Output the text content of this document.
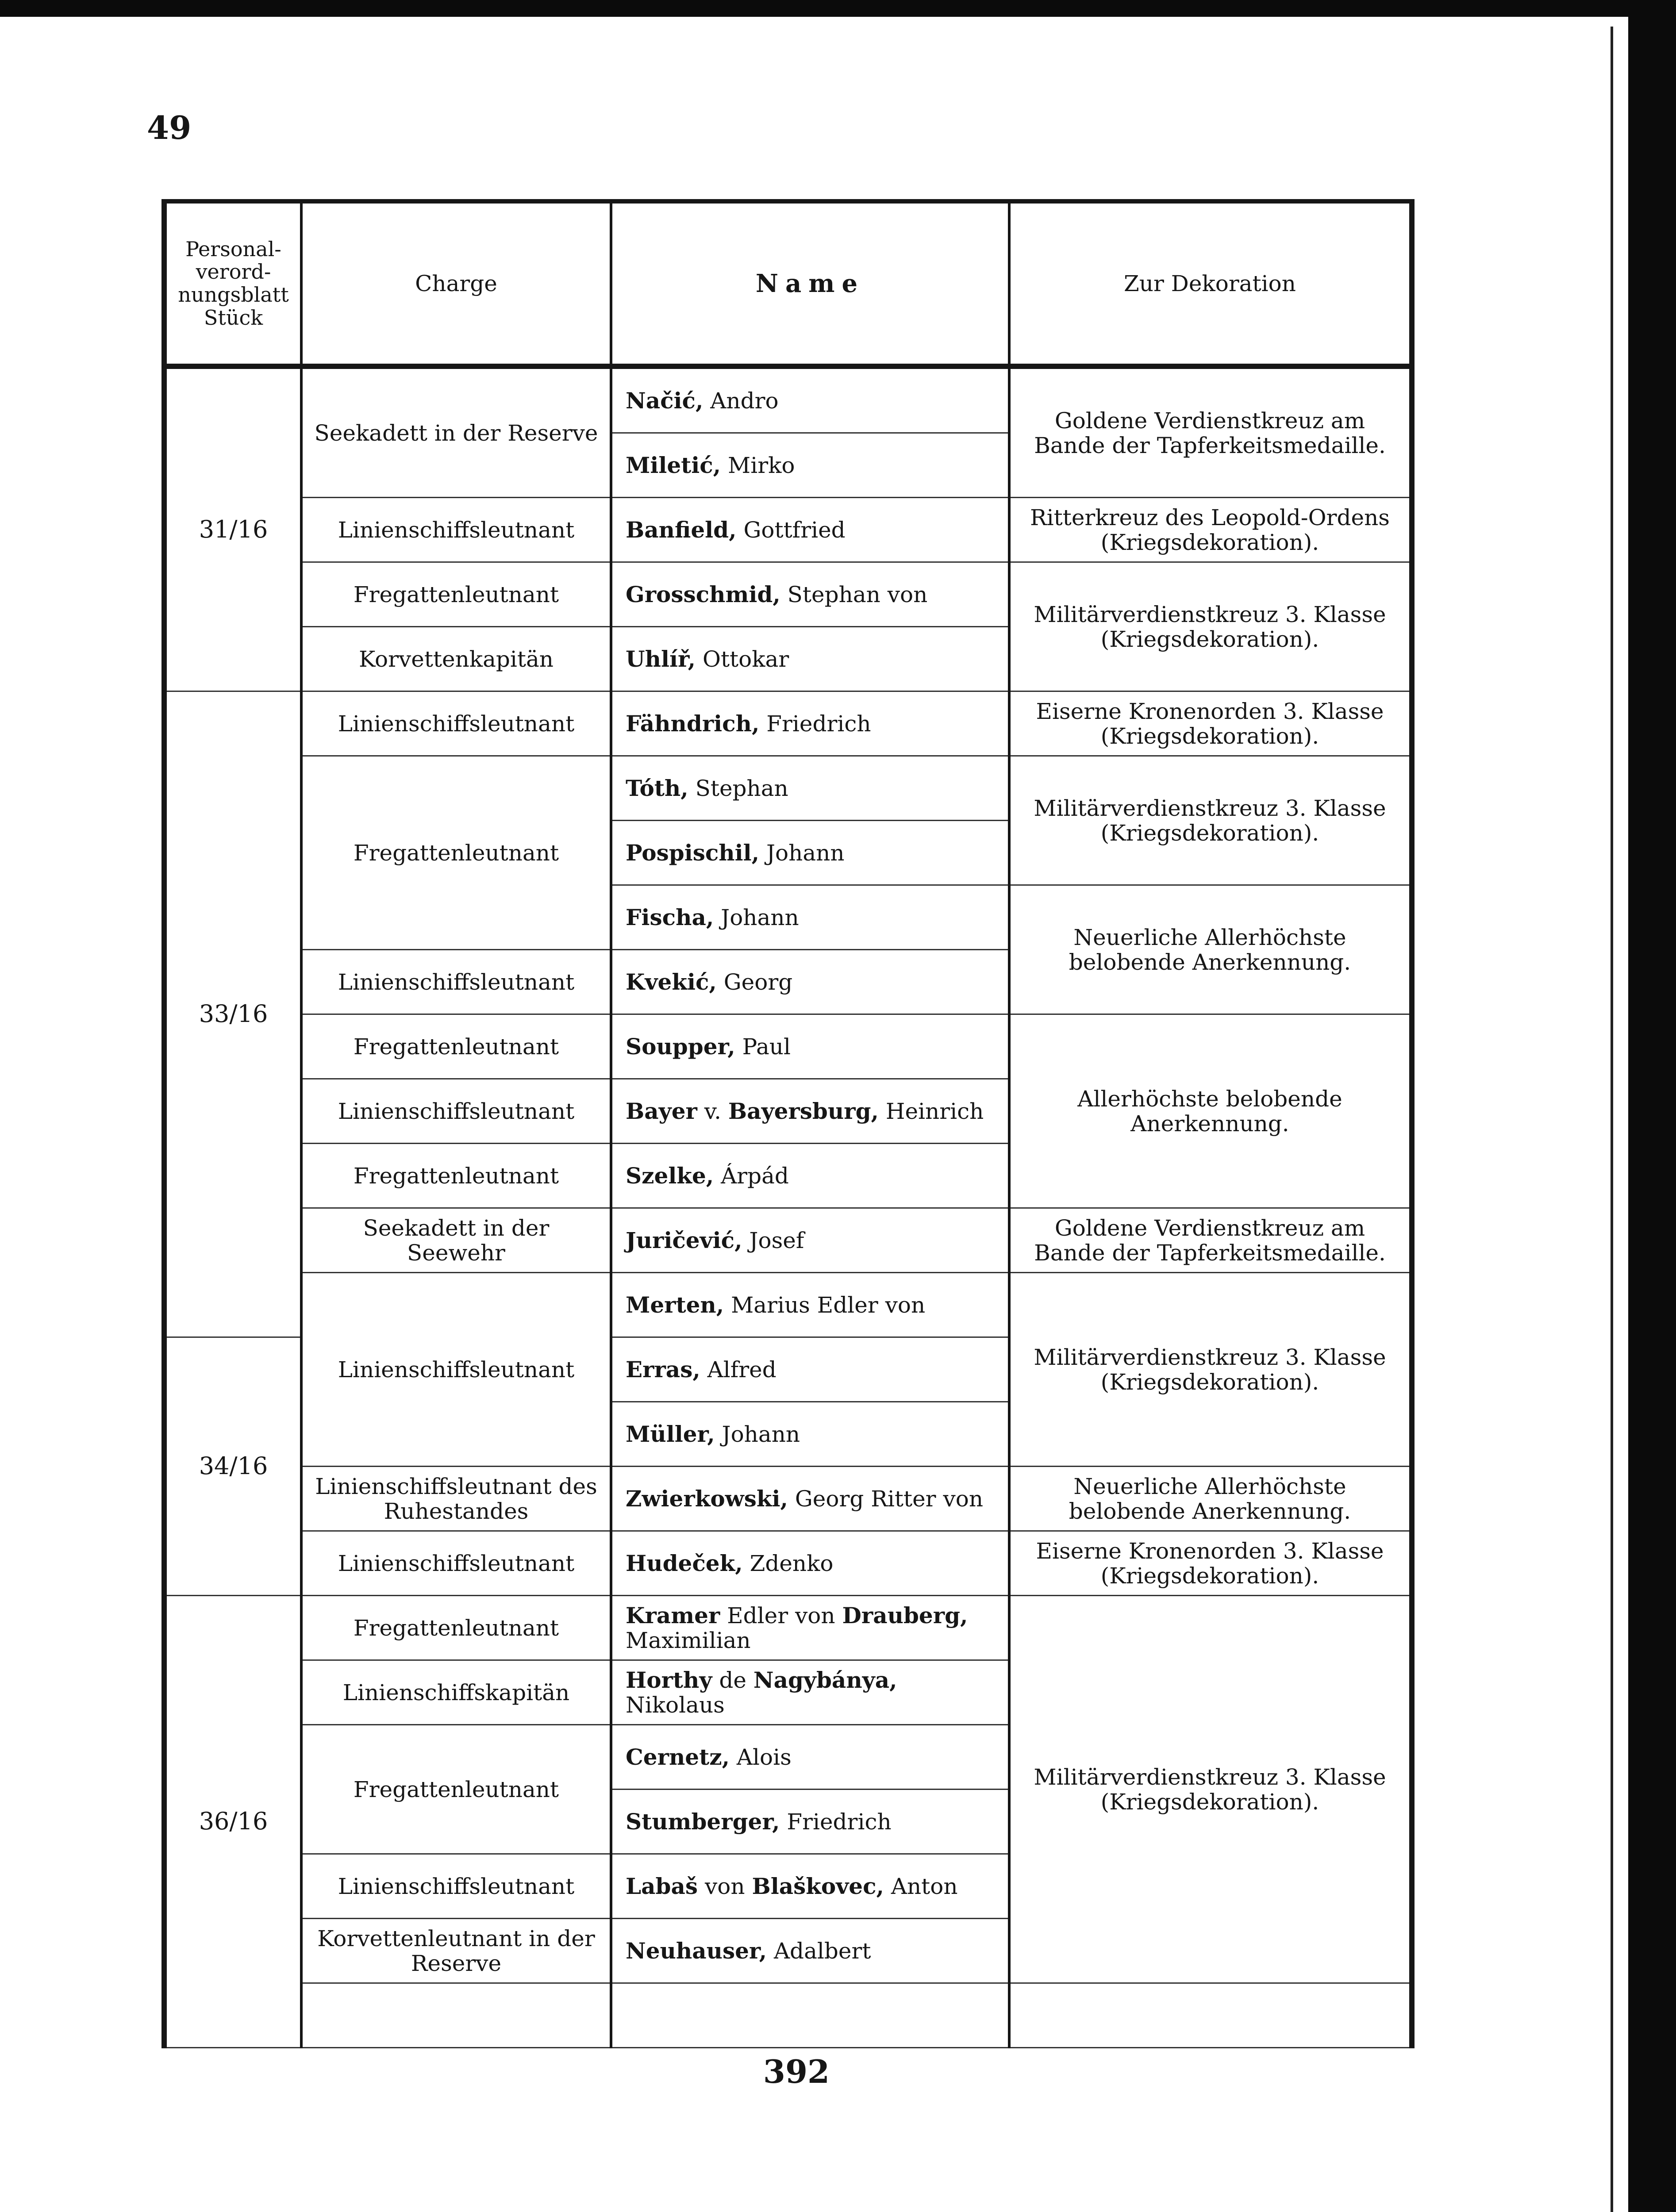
49
Personal-verord-nungsblatt Stück	Charge	Name	Zur Dekoration
31/16	Seekadett in der Reserve	Načić, Andro	Goldene Verdienstkreuz am Bande der Tapferkeitsmedaille.
		Miletić, Mirko	
	Linienschiffsleutnant	Banfield, Gottfried	Ritterkreuz des Leopold-Ordens (Kriegsdekoration).
	Fregattenleutnant	Grosschmid, Stephan von	Militärverdienstkreuz 3. Klasse (Kriegsdekoration).
	Korvettenkapitän	Uhlíř, Ottokar	
33/16	Linienschiffsleutnant	Fähndrich, Friedrich	Eiserne Kronenorden 3. Klasse (Kriegsdekoration).
	Fregattenleutnant	Tóth, Stephan	Militärverdienstkreuz 3. Klasse (Kriegsdekoration).
		Pospischil, Johann	
		Fischa, Johann	Neuerliche Allerhöchste belobende Anerkennung.
	Linienschiffsleutnant	Kvekić, Georg	
	Fregattenleutnant	Soupper, Paul	Allerhöchste belobende Anerkennung.
	Linienschiffsleutnant	Bayer v. Bayersburg, Heinrich	
	Fregattenleutnant	Szelke, Árpád	
	Seekadett in der Seewehr	Juričević, Josef	Goldene Verdienstkreuz am Bande der Tapferkeitsmedaille.
	Linienschiffsleutnant	Merten, Marius Edler von	Militärverdienstkreuz 3. Klasse (Kriegsdekoration).
34/16		Erras, Alfred	
		Müller, Johann	
	Linienschiffsleutnant des Ruhestandes	Zwierkowski, Georg Ritter von	Neuerliche Allerhöchste belobende Anerkennung.
	Linienschiffsleutnant	Hudeček, Zdenko	Eiserne Kronenorden 3. Klasse (Kriegsdekoration).
36/16	Fregattenleutnant	Kramer Edler von Drauberg, Maximilian	Militärverdienstkreuz 3. Klasse (Kriegsdekoration).
	Linienschiffskapitän	Horthy de Nagybánya, Nikolaus	
	Fregattenleutnant	Cernetz, Alois	
		Stumberger, Friedrich	
	Linienschiffsleutnant	Labaš von Blaškovec, Anton	
	Korvettenleutnant in der Reserve	Neuhauser, Adalbert	

392
